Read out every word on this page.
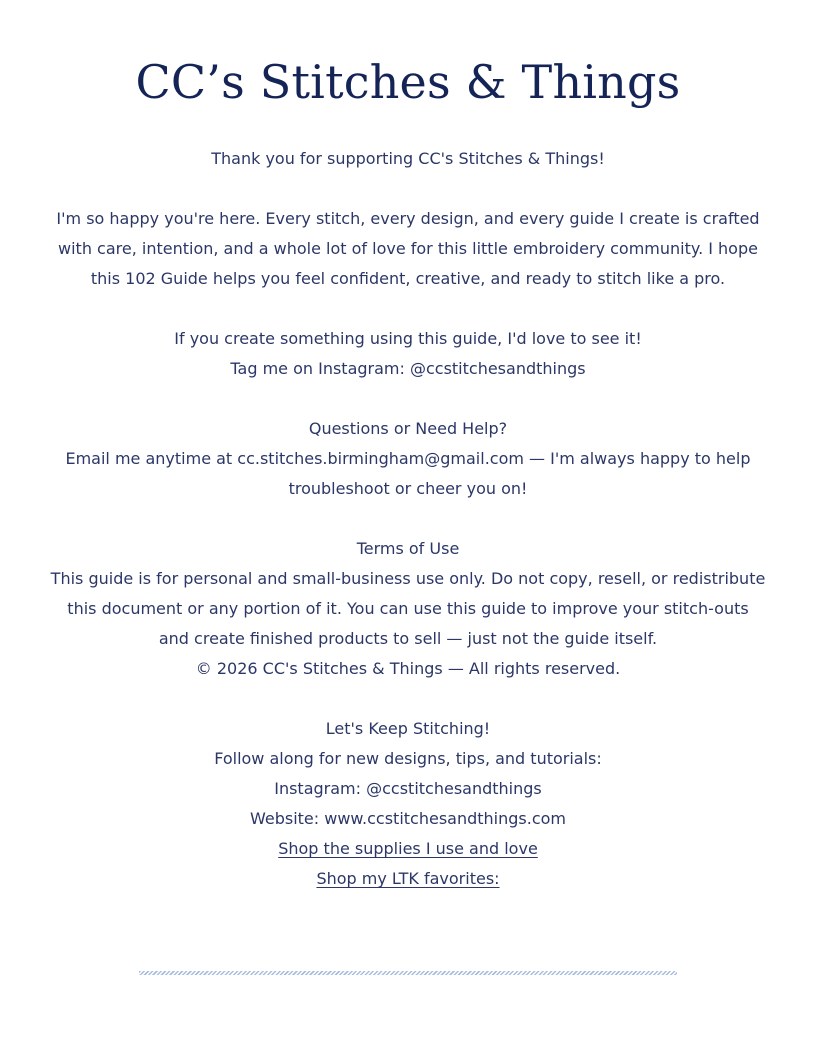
CC’s Stitches & Things

Thank you for supporting CC's Stitches & Things!

I'm so happy you're here. Every stitch, every design, and every guide I create is crafted

with care, intention, and a whole lot of love for this little embroidery community. I hope

this 102 Guide helps you feel confident, creative, and ready to stitch like a pro.

If you create something using this guide, I'd love to see it!

Tag me on Instagram: @ccstitchesandthings

Questions or Need Help?

Email me anytime at cc.stitches.birmingham@gmail.com — I'm always happy to help

troubleshoot or cheer you on!

Terms of Use

This guide is for personal and small-business use only. Do not copy, resell, or redistribute

this document or any portion of it. You can use this guide to improve your stitch-outs

and create finished products to sell — just not the guide itself.

© 2026 CC's Stitches & Things — All rights reserved.

Let's Keep Stitching!

Follow along for new designs, tips, and tutorials:

Instagram: @ccstitchesandthings

Website: www.ccstitchesandthings.com

Shop the supplies I use and love

Shop my LTK favorites:
